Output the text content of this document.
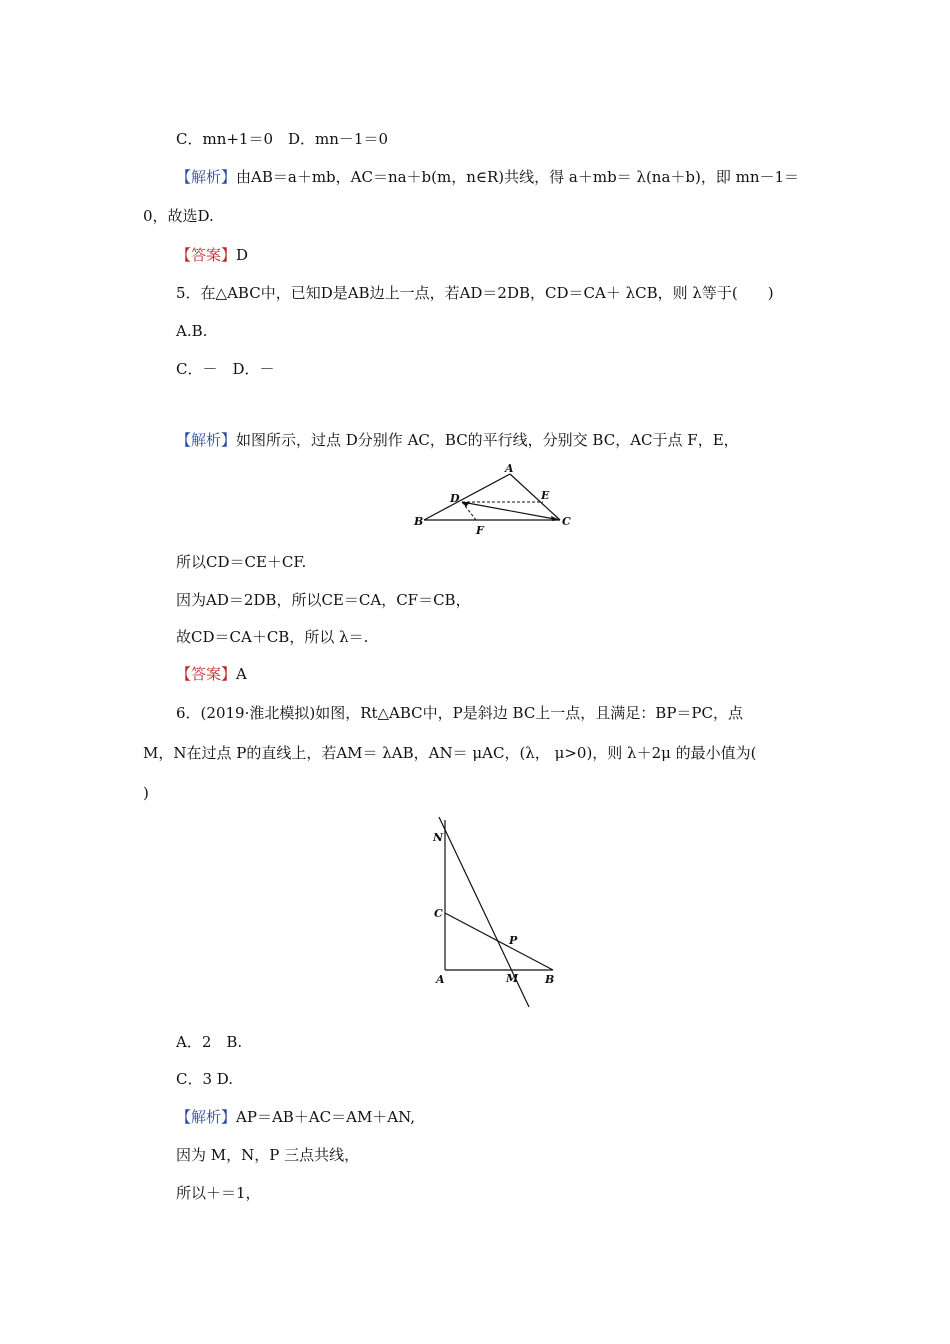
C．mn+1＝0　D．mn－1＝0
【解析】由AB＝a＋mb，AC＝na＋b(m，n∈R)共线，得 a＋mb＝ λ(na＋b)，即 mn－1＝
0，故选D.
【答案】D
5．在△ABC中，已知D是AB边上一点，若AD＝2DB，CD＝CA＋ λCB，则 λ等于(　　)
A.B.
C．－　D．－
【解析】如图所示，过点 D分别作 AC，BC的平行线，分别交 BC，AC于点 F，E，
A
B	C
D	E
F
所以CD＝CE＋CF.
因为AD＝2DB，所以CE＝CA，CF＝CB，
故CD＝CA＋CB，所以 λ＝.
【答案】A
6．(2019·淮北模拟)如图，Rt△ABC中，P是斜边 BC上一点，且满足：BP＝PC，点
M，N在过点 P的直线上，若AM＝ λAB，AN＝ μAC，(λ， μ>0)，则 λ＋2μ 的最小值为(
)
N
C
P
A	M B
A．2　B.
C．3 D.
【解析】AP＝AB＋AC＝AM＋AN,
因为 M，N，P 三点共线，
所以＋＝1，
